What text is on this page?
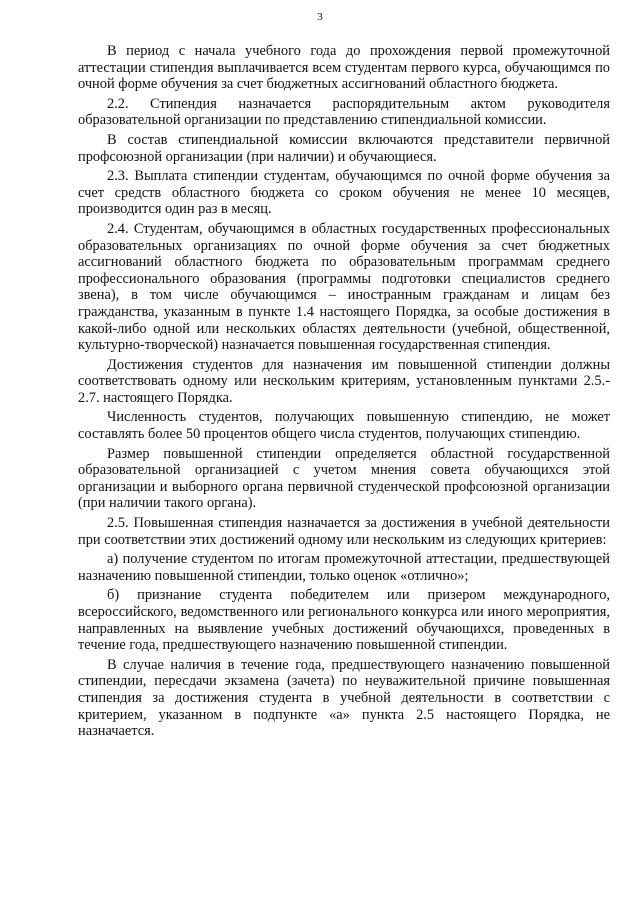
3

В период с начала учебного года до прохождения первой промежуточной аттестации стипендия выплачивается всем студентам первого курса, обучающимся по очной форме обучения за счет бюджетных ассигнований областного бюджета.

2.2. Стипендия назначается распорядительным актом руководителя образовательной организации по представлению стипендиальной комиссии.

В состав стипендиальной комиссии включаются представители первичной профсоюзной организации (при наличии) и обучающиеся.

2.3. Выплата стипендии студентам, обучающимся по очной форме обучения за счет средств областного бюджета со сроком обучения не менее 10 месяцев, производится один раз в месяц.

2.4. Студентам, обучающимся в областных государственных профессиональных образовательных организациях по очной форме обучения за счет бюджетных ассигнований областного бюджета по образовательным программам среднего профессионального образования (программы подготовки специалистов среднего звена), в том числе обучающимся – иностранным гражданам и лицам без гражданства, указанным в пункте 1.4 настоящего Порядка, за особые достижения в какой-либо одной или нескольких областях деятельности (учебной, общественной, культурно-творческой) назначается повышенная государственная стипендия.

Достижения студентов для назначения им повышенной стипендии должны соответствовать одному или нескольким критериям, установленным пунктами 2.5.- 2.7. настоящего Порядка.

Численность студентов, получающих повышенную стипендию, не может составлять более 50 процентов общего числа студентов, получающих стипендию.

Размер повышенной стипендии определяется областной государственной образовательной организацией с учетом мнения совета обучающихся этой организации и выборного органа первичной студенческой профсоюзной организации (при наличии такого органа).

2.5. Повышенная стипендия назначается за достижения в учебной деятельности при соответствии этих достижений одному или нескольким из следующих критериев:

а) получение студентом по итогам промежуточной аттестации, предшествующей назначению повышенной стипендии, только оценок «отлично»;

б) признание студента победителем или призером международного, всероссийского, ведомственного или регионального конкурса или иного мероприятия, направленных на выявление учебных достижений обучающихся, проведенных в течение года, предшествующего назначению повышенной стипендии.

В случае наличия в течение года, предшествующего назначению повышенной стипендии, пересдачи экзамена (зачета) по неуважительной причине повышенная стипендия за достижения студента в учебной деятельности в соответствии с критерием, указанном в подпункте «а» пункта 2.5 настоящего Порядка, не назначается.
